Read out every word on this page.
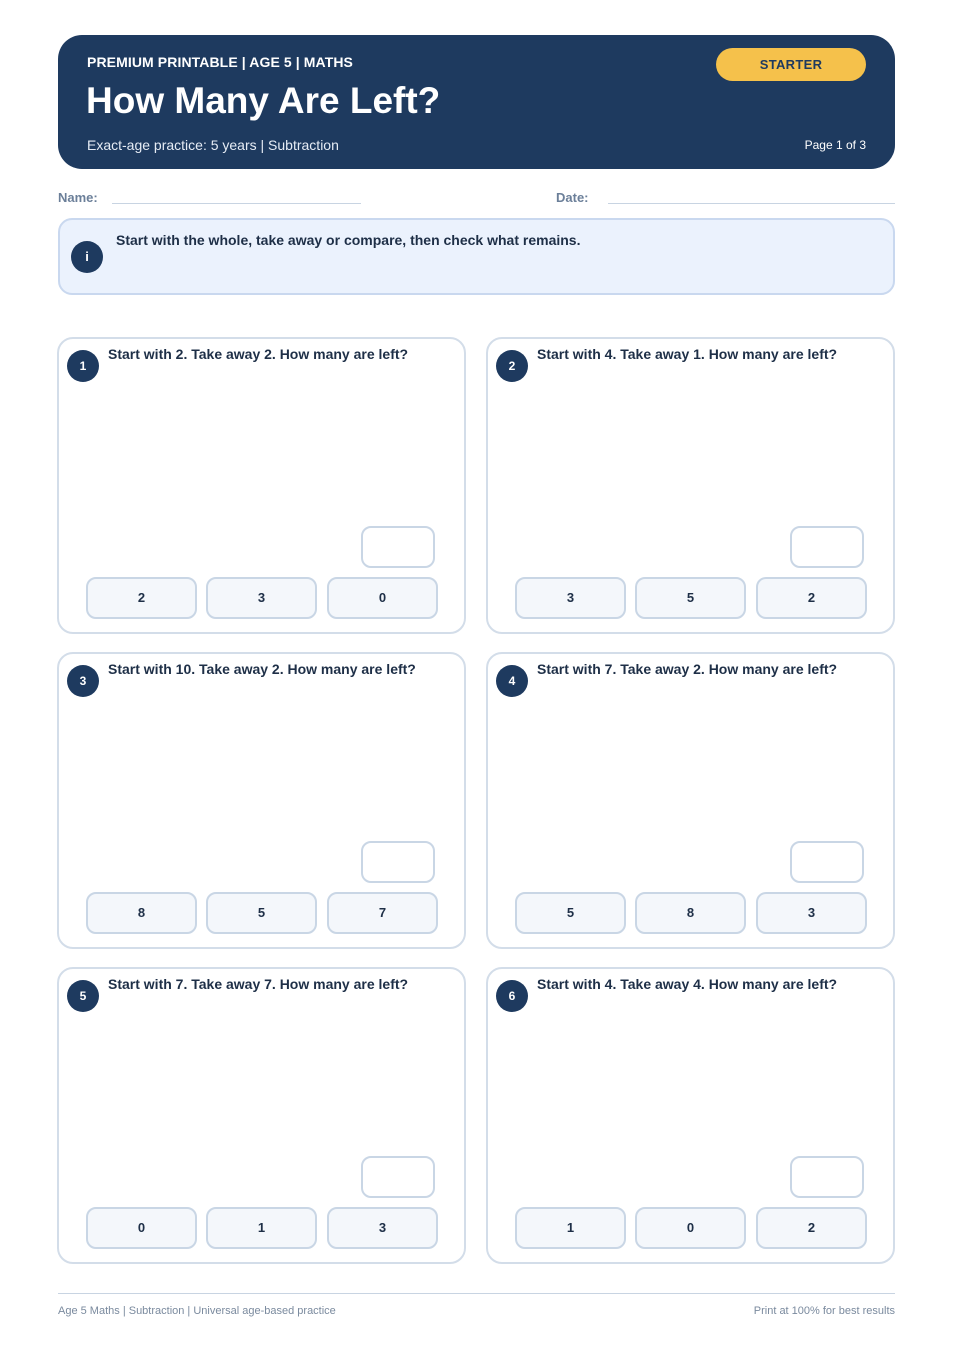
PREMIUM PRINTABLE | AGE 5 | MATHS
How Many Are Left?
Exact-age practice: 5 years | Subtraction
STARTER
Page 1 of 3
Name:	Date:
i
Start with the whole, take away or compare, then check what remains.
1
Start with 2. Take away 2. How many are left?
2	3	0
2
Start with 4. Take away 1. How many are left?
3	5	2
3
Start with 10. Take away 2. How many are left?
8	5	7
4
Start with 7. Take away 2. How many are left?
5	8	3
5
Start with 7. Take away 7. How many are left?
0	1	3
6
Start with 4. Take away 4. How many are left?
1	0	2
Age 5 Maths | Subtraction | Universal age-based practice	Print at 100% for best results
